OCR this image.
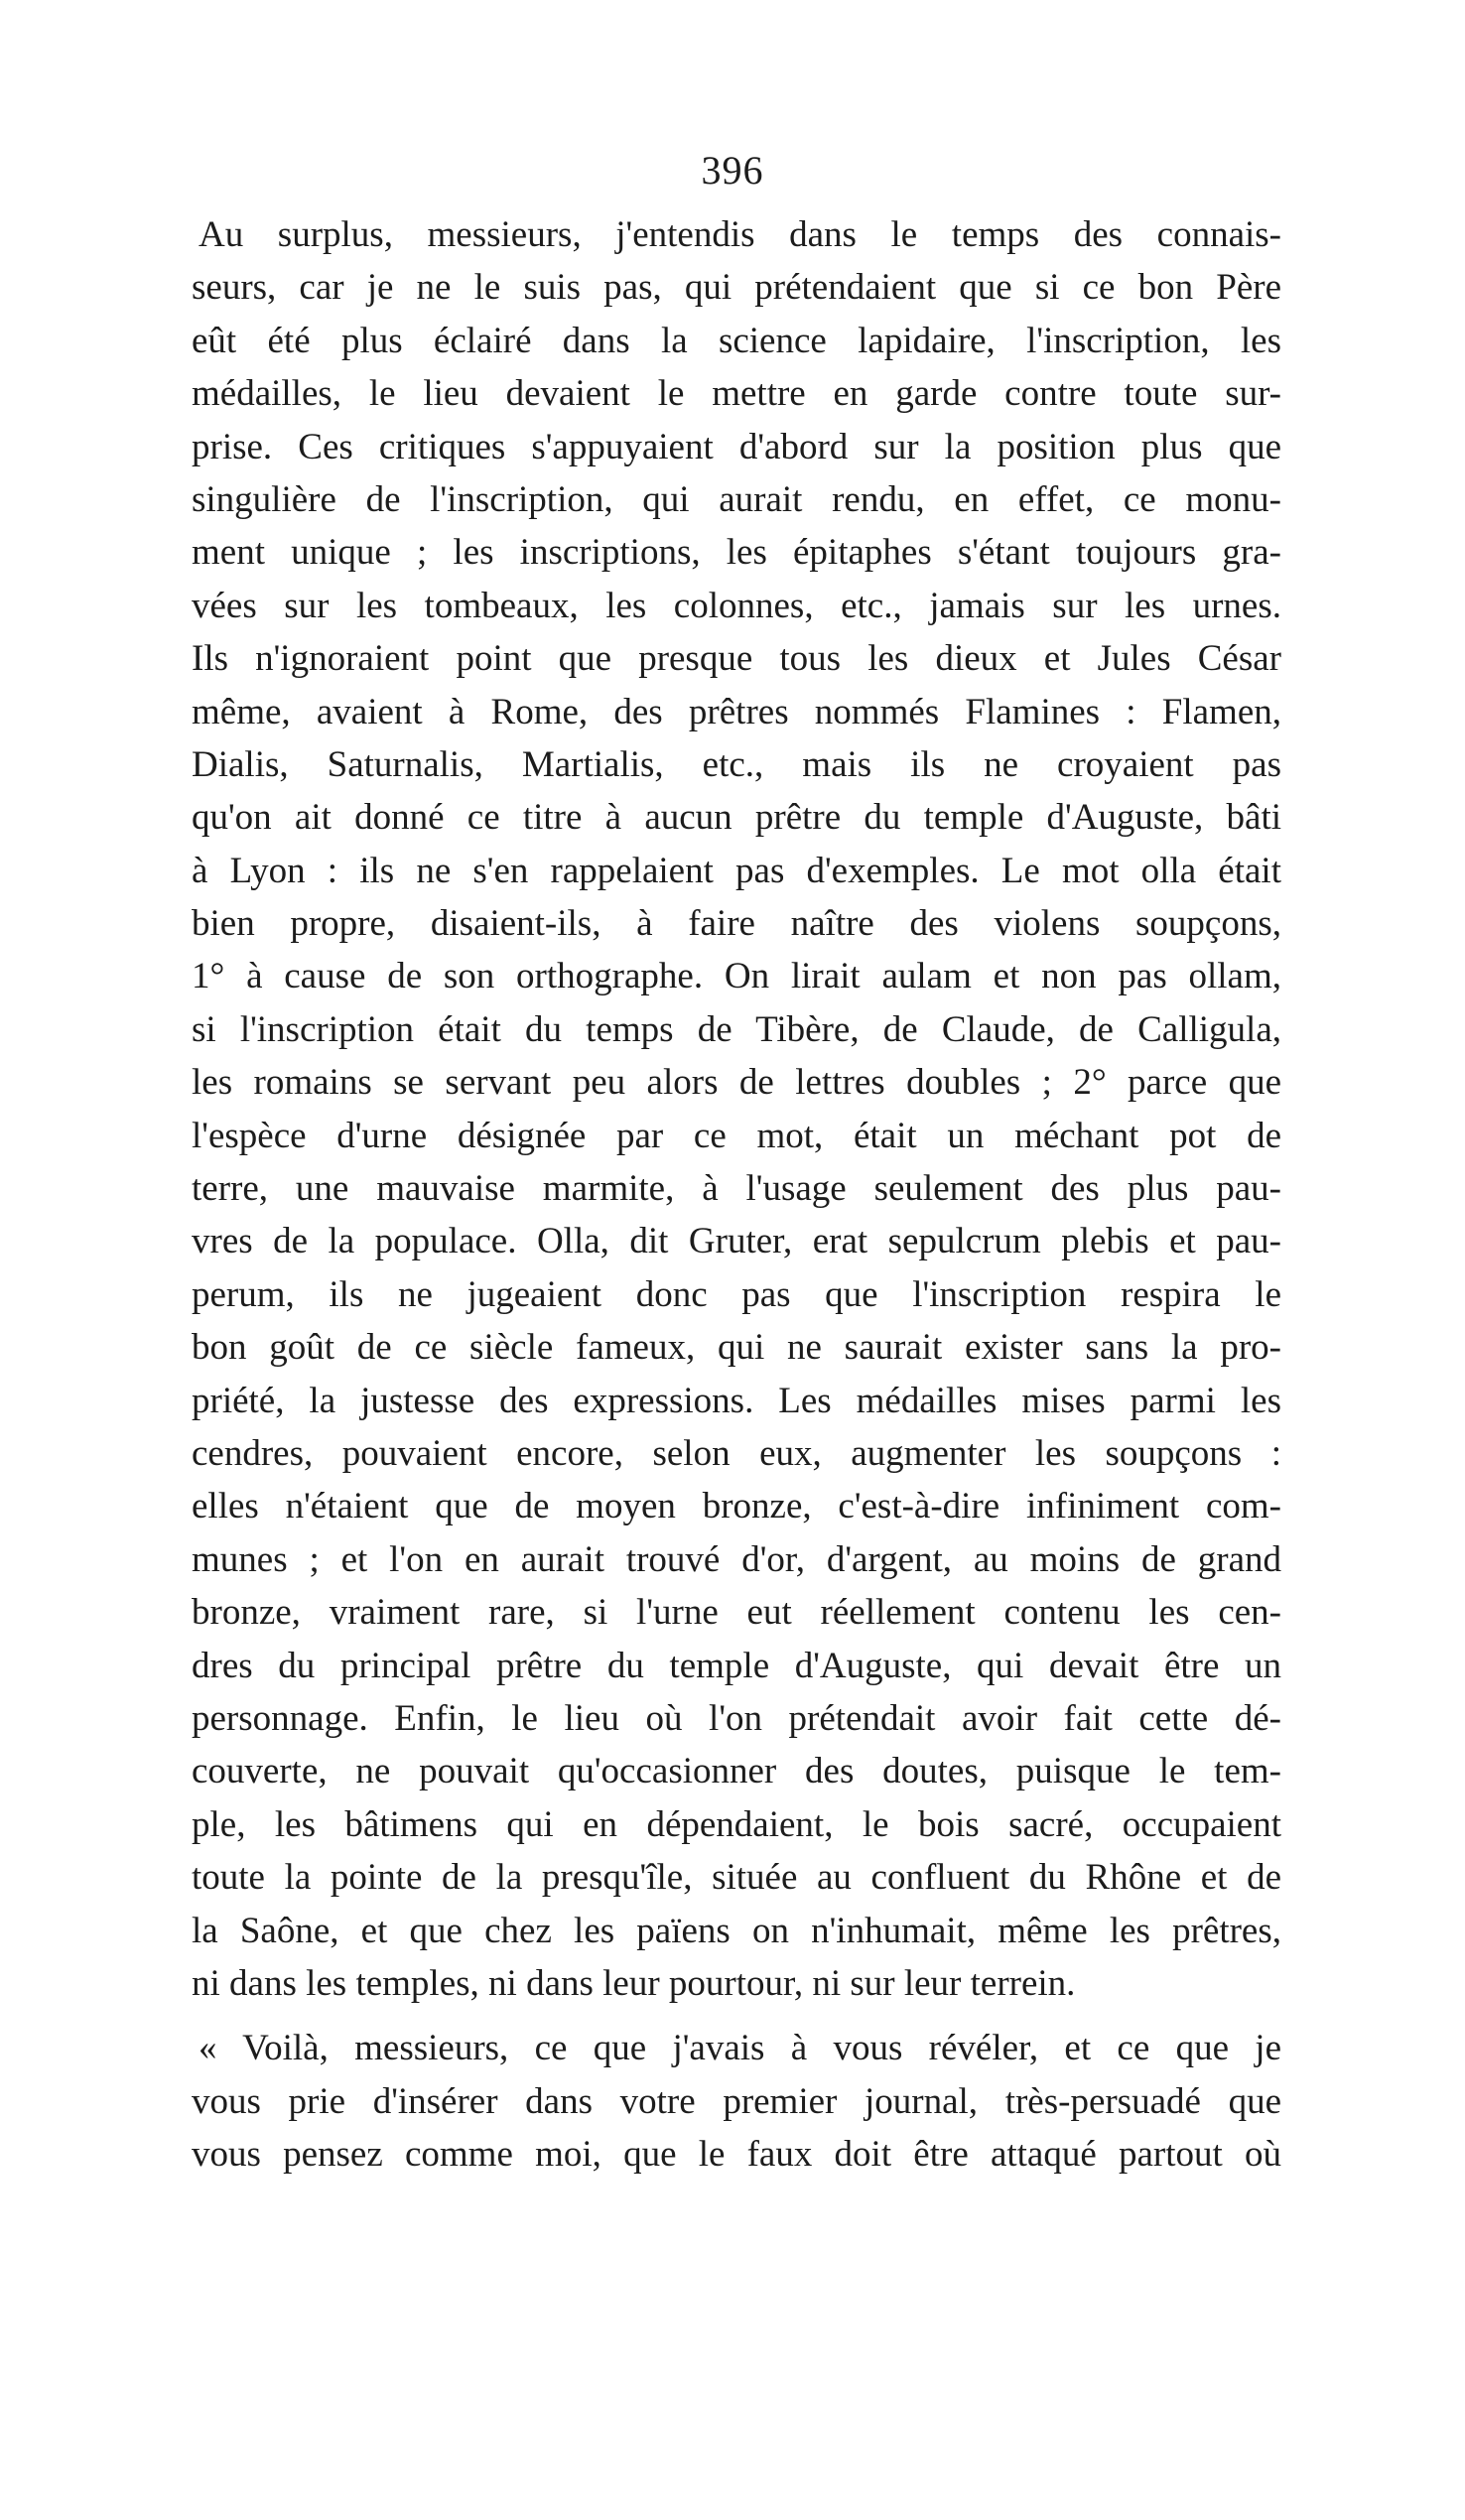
396
Au surplus, messieurs, j'entendis dans le temps des connais-
seurs, car je ne le suis pas, qui prétendaient que si ce bon Père
eût été plus éclairé dans la science lapidaire, l'inscription, les
médailles, le lieu devaient le mettre en garde contre toute sur-
prise. Ces critiques s'appuyaient d'abord sur la position plus que
singulière de l'inscription, qui aurait rendu, en effet, ce monu-
ment unique ; les inscriptions, les épitaphes s'étant toujours gra-
vées sur les tombeaux, les colonnes, etc., jamais sur les urnes.
Ils n'ignoraient point que presque tous les dieux et Jules César
même, avaient à Rome, des prêtres nommés Flamines : Flamen,
Dialis, Saturnalis, Martialis, etc., mais ils ne croyaient pas
qu'on ait donné ce titre à aucun prêtre du temple d'Auguste, bâti
à Lyon : ils ne s'en rappelaient pas d'exemples. Le mot olla était
bien propre, disaient-ils, à faire naître des violens soupçons,
1° à cause de son orthographe. On lirait aulam et non pas ollam,
si l'inscription était du temps de Tibère, de Claude, de Calligula,
les romains se servant peu alors de lettres doubles ; 2° parce que
l'espèce d'urne désignée par ce mot, était un méchant pot de
terre, une mauvaise marmite, à l'usage seulement des plus pau-
vres de la populace. Olla, dit Gruter, erat sepulcrum plebis et pau-
perum, ils ne jugeaient donc pas que l'inscription respira le
bon goût de ce siècle fameux, qui ne saurait exister sans la pro-
priété, la justesse des expressions. Les médailles mises parmi les
cendres, pouvaient encore, selon eux, augmenter les soupçons :
elles n'étaient que de moyen bronze, c'est-à-dire infiniment com-
munes ; et l'on en aurait trouvé d'or, d'argent, au moins de grand
bronze, vraiment rare, si l'urne eut réellement contenu les cen-
dres du principal prêtre du temple d'Auguste, qui devait être un
personnage. Enfin, le lieu où l'on prétendait avoir fait cette dé-
couverte, ne pouvait qu'occasionner des doutes, puisque le tem-
ple, les bâtimens qui en dépendaient, le bois sacré, occupaient
toute la pointe de la presqu'île, située au confluent du Rhône et de
la Saône, et que chez les païens on n'inhumait, même les prêtres,
ni dans les temples, ni dans leur pourtour, ni sur leur terrein.
« Voilà, messieurs, ce que j'avais à vous révéler, et ce que je
vous prie d'insérer dans votre premier journal, très-persuadé que
vous pensez comme moi, que le faux doit être attaqué partout où
